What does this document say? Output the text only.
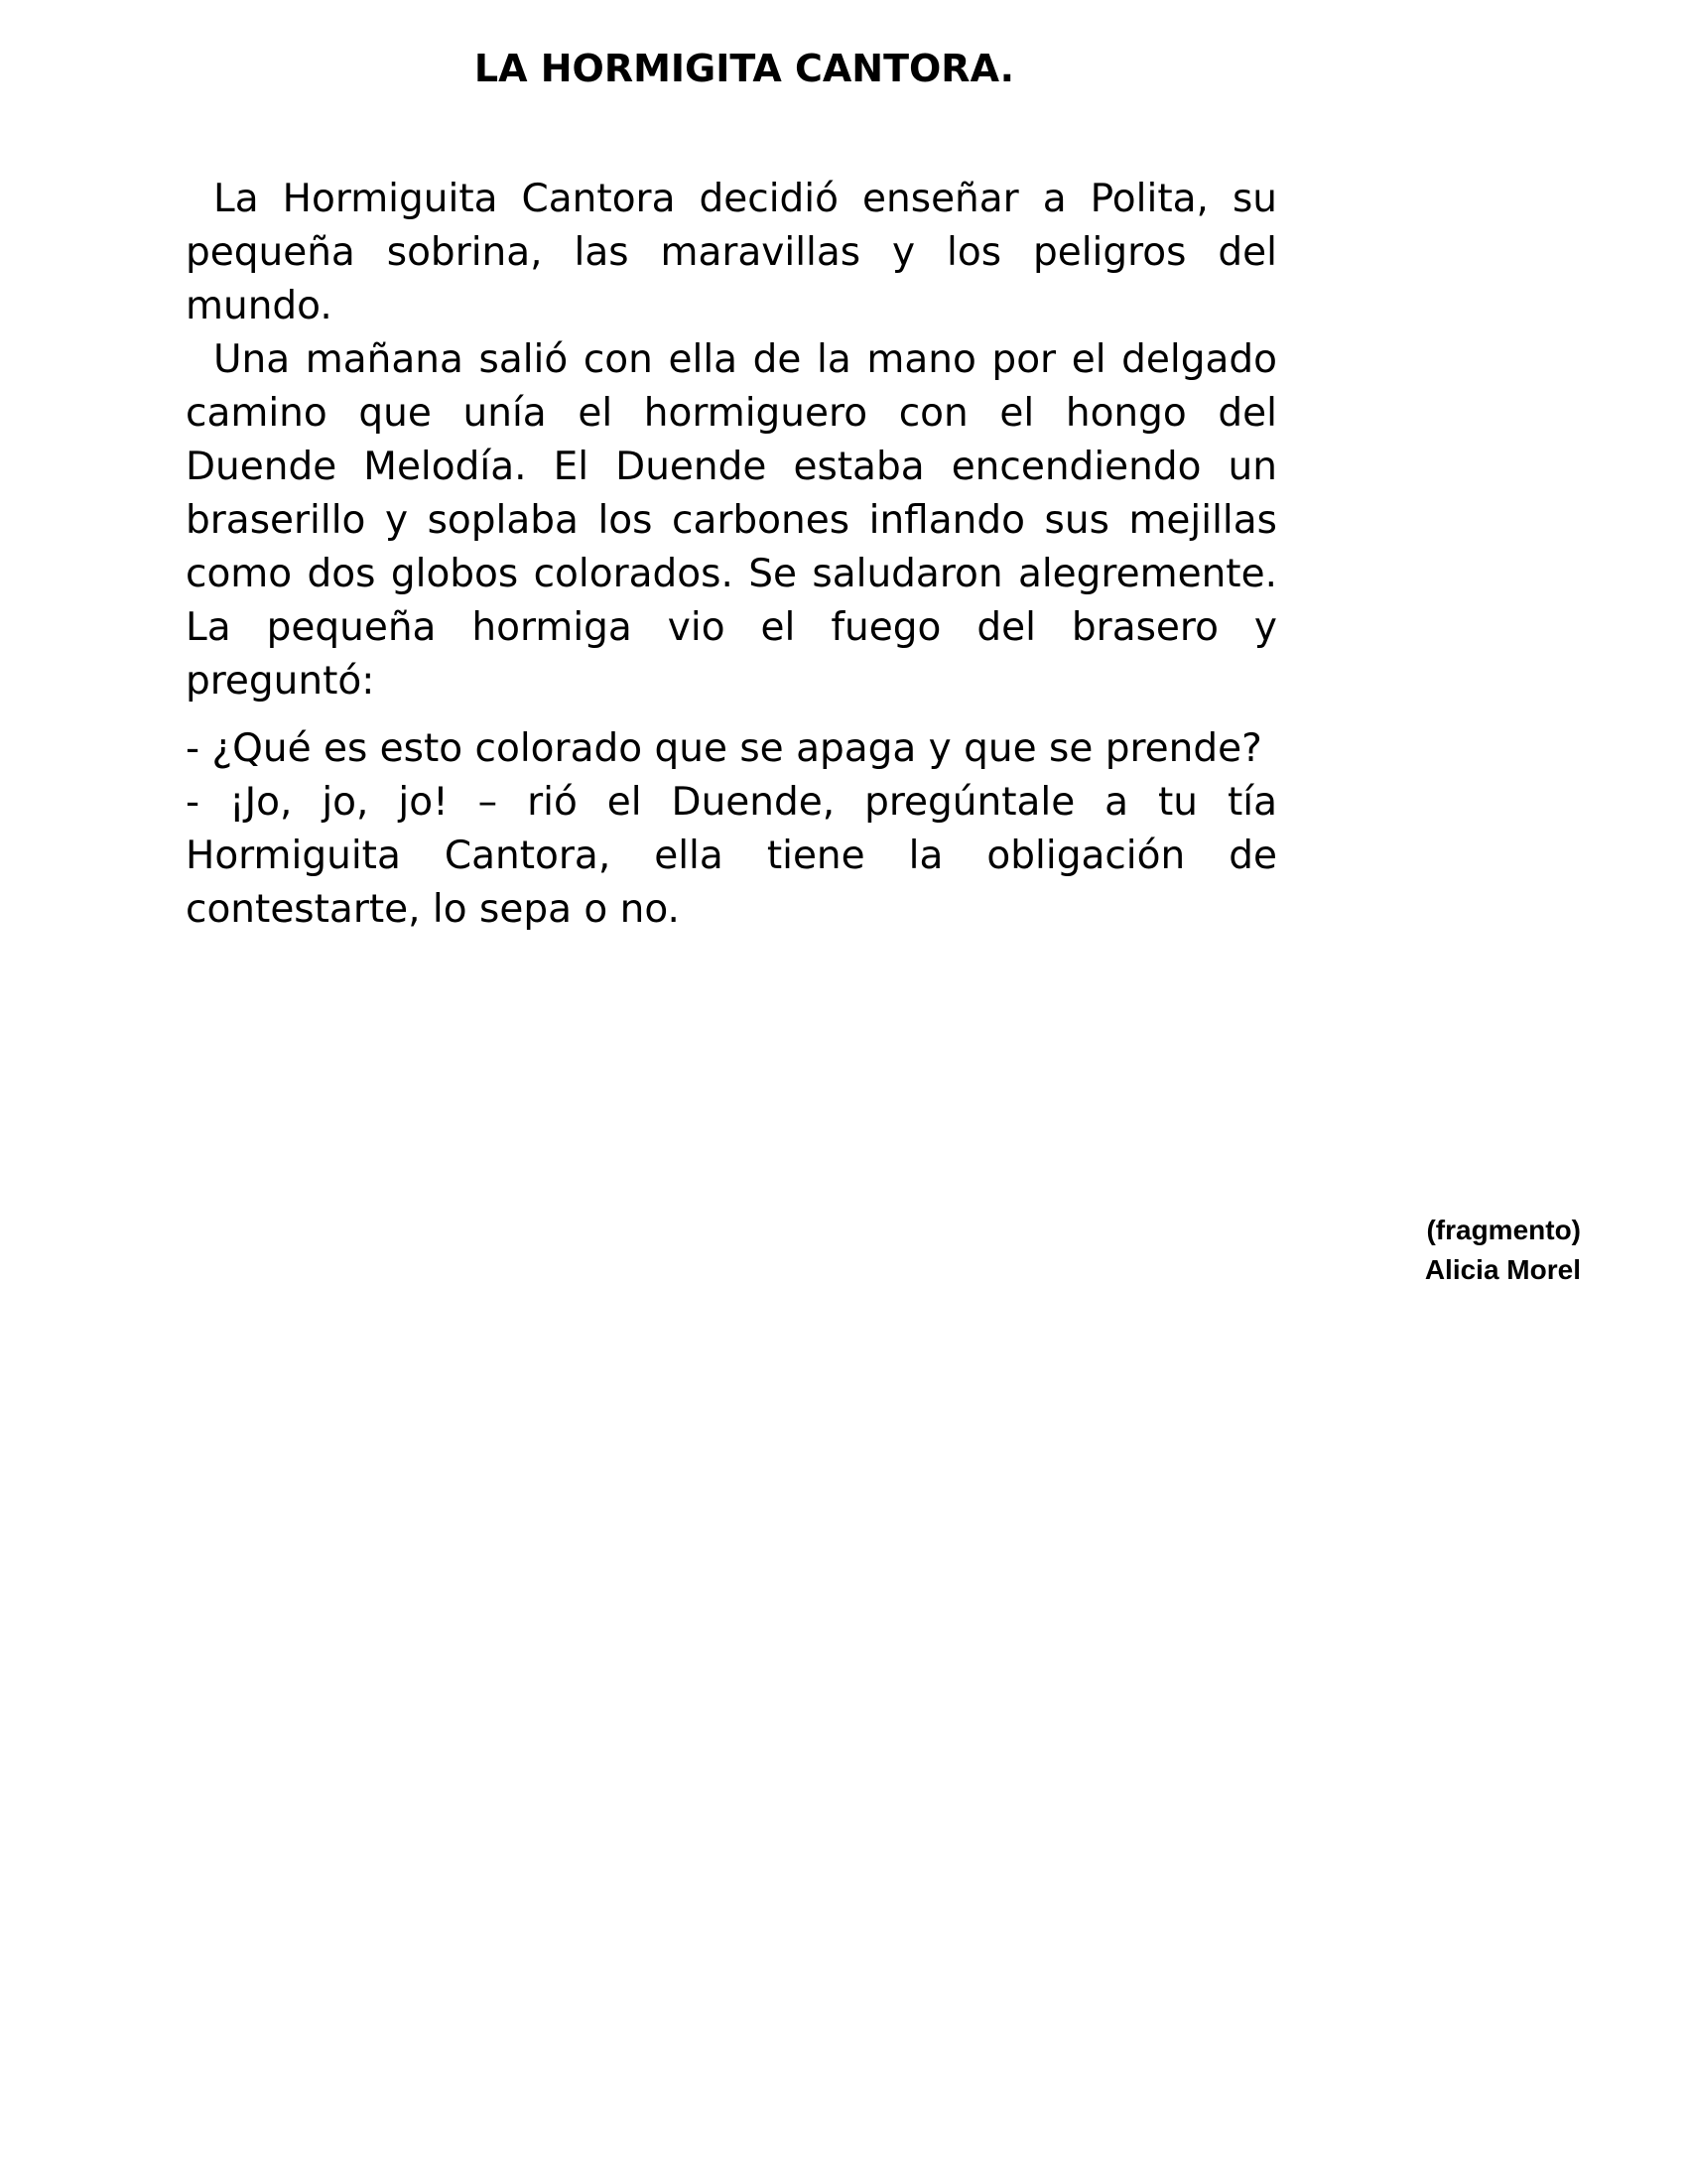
LA HORMIGITA CANTORA.

La Hormiguita Cantora decidió enseñar a Polita, su pequeña sobrina, las maravillas y los peligros del mundo.

Una mañana salió con ella de la mano por el delgado camino que unía el hormiguero con el hongo del Duende Melodía. El Duende estaba encendiendo un braserillo y soplaba los carbones inflando sus mejillas como dos globos colorados. Se saludaron alegremente. La pequeña hormiga vio el fuego del brasero y preguntó:

- ¿Qué es esto colorado que se apaga y que se prende?

- ¡Jo, jo, jo! – rió el Duende, pregúntale a tu tía Hormiguita Cantora, ella tiene la obligación de contestarte, lo sepa o no.

(fragmento)
Alicia Morel
